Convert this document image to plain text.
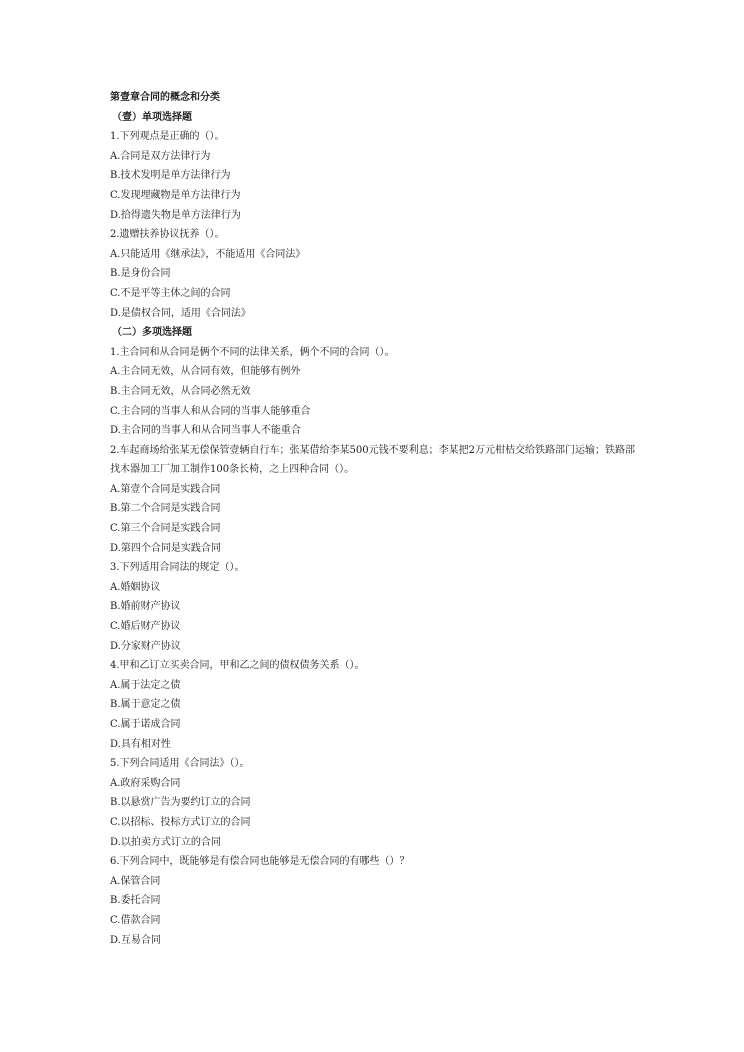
第壹章合同的概念和分类
（壹）单项选择题
1.下列观点是正确的（）。
A.合同是双方法律行为
B.技术发明是单方法律行为
C.发现埋藏物是单方法律行为
D.拾得遗失物是单方法律行为
2.遗赠扶养协议抚养（）。
A.只能适用《继承法》，不能适用《合同法》
B.是身份合同
C.不是平等主体之间的合同
D.是债权合同，适用《合同法》
（二）多项选择题
1.主合同和从合同是俩个不同的法律关系，俩个不同的合同（）。
A.主合同无效，从合同有效，但能够有例外
B.主合同无效，从合同必然无效
C.主合同的当事人和从合同的当事人能够重合
D.主合同的当事人和从合同当事人不能重合
2.车起商场给张某无偿保管壹辆自行车；张某借给李某500元钱不要利息；李某把2万元柑桔交给铁路部门运输；铁路部找木器加工厂加工制作100条长椅，之上四种合同（）。
A.第壹个合同是实践合同
B.第二个合同是实践合同
C.第三个合同是实践合同
D.第四个合同是实践合同
3.下列适用合同法的规定（）。
A.婚姻协议
B.婚前财产协议
C.婚后财产协议
D.分家财产协议
4.甲和乙订立买卖合同，甲和乙之间的债权债务关系（）。
A.属于法定之债
B.属于意定之债
C.属于诺成合同
D.具有相对性
5.下列合同适用《合同法》（）。
A.政府采购合同
B.以悬赏广告为要约订立的合同
C.以招标、投标方式订立的合同
D.以拍卖方式订立的合同
6.下列合同中，既能够是有偿合同也能够是无偿合同的有哪些（）？
A.保管合同
B.委托合同
C.借款合同
D.互易合同
